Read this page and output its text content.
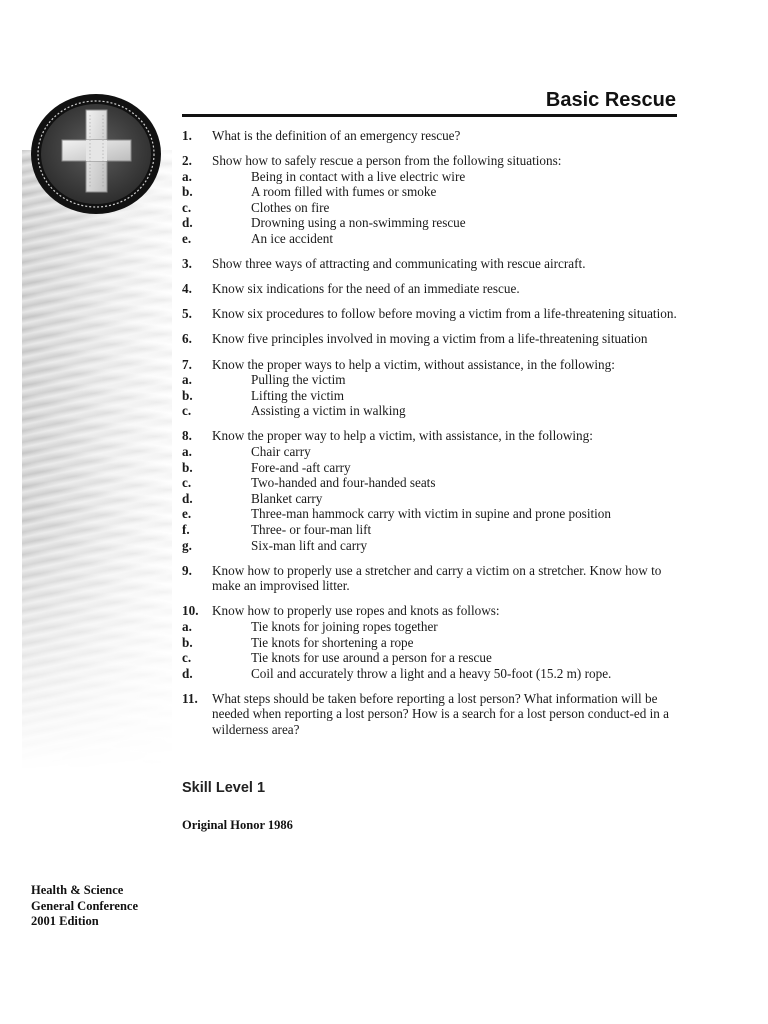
Basic Rescue
1.	What is the definition of an emergency rescue?
2.	Show how to safely rescue a person from the following situations:
a.	Being in contact with a live electric wire
b.	A room filled with fumes or smoke
c.	Clothes on fire
d.	Drowning using a non-swimming rescue
e.	An ice accident
3.	Show three ways of attracting and communicating with rescue aircraft.
4.	Know six indications for the need of an immediate rescue.
5.	Know six procedures to follow before moving a victim from a life-threatening situation.
6.	Know five principles involved in moving a victim from a life-threatening situation
7.	Know the proper ways to help a victim, without assistance, in the following:
a.	Pulling the victim
b.	Lifting the victim
c.	Assisting a victim in walking
8.	Know the proper way to help a victim, with assistance, in the following:
a.	Chair carry
b.	Fore-and -aft carry
c.	Two-handed and four-handed seats
d.	Blanket carry
e.	Three-man hammock carry with victim in supine and prone position
f.	Three- or four-man lift
g.	Six-man lift and carry
9.	Know how to properly use a stretcher and carry a victim on a stretcher. Know how to make an improvised litter.
10.	Know how to properly use ropes and knots as follows:
a.	Tie knots for joining ropes together
b.	Tie knots for shortening a rope
c.	Tie knots for use around a person for a rescue
d.	Coil and accurately throw a light and a heavy 50-foot (15.2 m) rope.
11.	What steps should be taken before reporting a lost person? What information will be needed when reporting a lost person? How is a search for a lost person conduct-ed in a wilderness area?
Skill Level 1
Original Honor 1986
Health & Science
General Conference
2001 Edition
